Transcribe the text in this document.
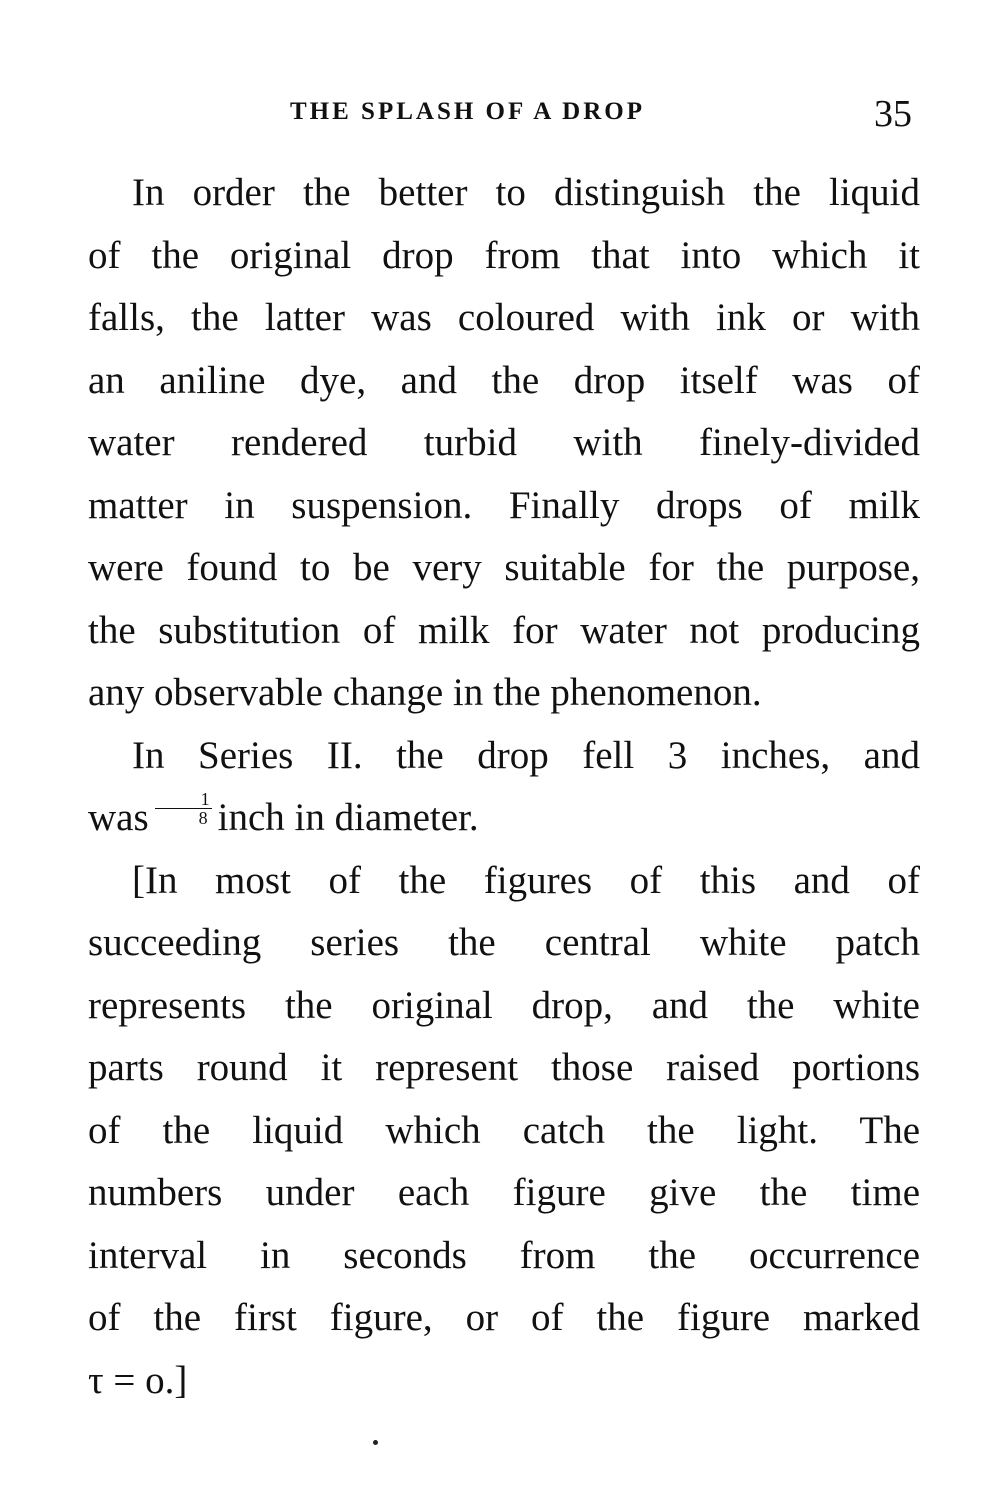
THE SPLASH OF A DROP	35

In order the better to distinguish the liquid
of the original drop from that into which it
falls, the latter was coloured with ink or with
an aniline dye, and the drop itself was of
water rendered turbid with finely-divided
matter in suspension. Finally drops of milk
were found to be very suitable for the purpose,
the substitution of milk for water not producing
any observable change in the phenomenon.

In Series II. the drop fell 3 inches, and
was $\frac{1}{8}$ inch in diameter.

[In most of the figures of this and of
succeeding series the central white patch
represents the original drop, and the white
parts round it represent those raised portions
of the liquid which catch the light. The
numbers under each figure give the time
interval in seconds from the occurrence
of the first figure, or of the figure marked
τ = o.]
